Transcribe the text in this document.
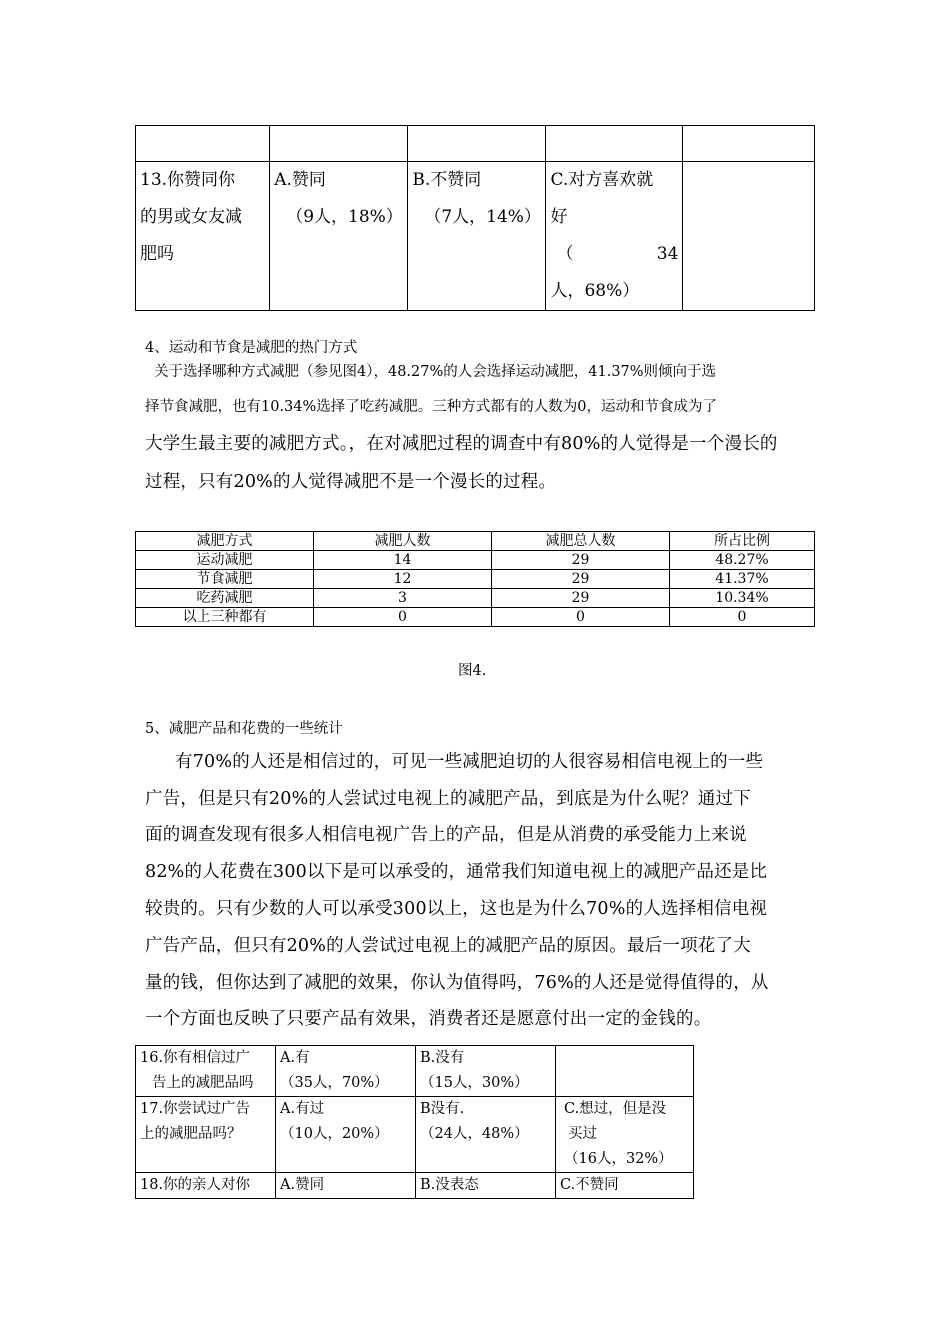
13.你赞同你
的男或女友减
肥吗	A.赞同
（9人，18%）	B.不赞同
（7人，14%）	C.对方喜欢就
好
（ 34
人，68%）	

4、运动和节食是减肥的热门方式
关于选择哪种方式减肥（参见图4），48.27%的人会选择运动减肥，41.37%则倾向于选
择节食减肥，也有10.34%选择了吃药减肥。三种方式都有的人数为0，运动和节食成为了
大学生最主要的减肥方式。，在对减肥过程的调查中有80%的人觉得是一个漫长的
过程，只有20%的人觉得减肥不是一个漫长的过程。
减肥方式	减肥人数	减肥总人数	所占比例
运动减肥	14	29	48.27%
节食减肥	12	29	41.37%
吃药减肥	3	29	10.34%
以上三种都有	0	0	0
图4.
5、减肥产品和花费的一些统计
有70%的人还是相信过的，可见一些减肥迫切的人很容易相信电视上的一些
广告，但是只有20%的人尝试过电视上的减肥产品，到底是为什么呢？通过下
面的调查发现有很多人相信电视广告上的产品，但是从消费的承受能力上来说
82%的人花费在300以下是可以承受的，通常我们知道电视上的减肥产品还是比
较贵的。只有少数的人可以承受300以上，这也是为什么70%的人选择相信电视
广告产品，但只有20%的人尝试过电视上的减肥产品的原因。最后一项花了大
量的钱，但你达到了减肥的效果，你认为值得吗，76%的人还是觉得值得的，从
一个方面也反映了只要产品有效果，消费者还是愿意付出一定的金钱的。
16.你有相信过广
告上的减肥品吗	A.有
（35人，70%）	B.没有
（15人，30%）	

17.你尝试过广告
上的减肥品吗？	A.有过
（10人，20%）	B没有.
（24人，48%）	C.想过，但是没
买过
（16人，32%）

18.你的亲人对你	A.赞同	B.没表态	C.不赞同
